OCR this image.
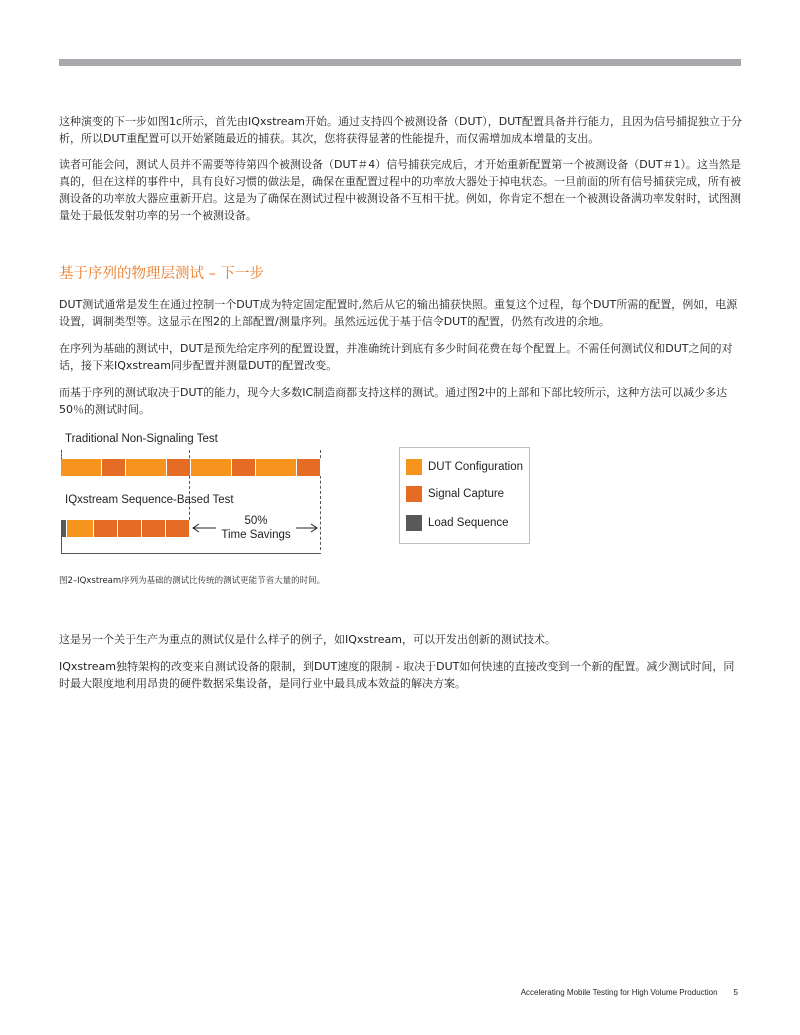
这种演变的下一步如图1c所示，首先由IQxstream开始。通过支持四个被测设备（DUT），DUT配置具备并行能力，且因为信号捕捉独立于分析，所以DUT重配置可以开始紧随最近的捕获。其次，您将获得显著的性能提升，而仅需增加成本增量的支出。

读者可能会问，测试人员并不需要等待第四个被测设备（DUT＃4）信号捕获完成后，才开始重新配置第一个被测设备（DUT＃1）。这当然是真的，但在这样的事件中，具有良好习惯的做法是，确保在重配置过程中的功率放大器处于掉电状态。一旦前面的所有信号捕获完成，所有被测设备的功率放大器应重新开启。这是为了确保在测试过程中被测设备不互相干扰。例如，你肯定不想在一个被测设备满功率发射时，试图测量处于最低发射功率的另一个被测设备。

基于序列的物理层测试 – 下一步

DUT测试通常是发生在通过控制一个DUT成为特定固定配置时,然后从它的输出捕获快照。重复这个过程，每个DUT所需的配置，例如，电源设置，调制类型等。这显示在图2的上部配置/测量序列。虽然远远优于基于信令DUT的配置，仍然有改进的余地。

在序列为基础的测试中，DUT是预先给定序列的配置设置，并准确统计到底有多少时间花费在每个配置上。不需任何测试仪和DUT之间的对话，接下来IQxstream同步配置并测量DUT的配置改变。

而基于序列的测试取决于DUT的能力，现今大多数IC制造商都支持这样的测试。通过图2中的上部和下部比较所示，这种方法可以减少多达50％的测试时间。

Traditional Non-Signaling Test
IQxstream Sequence-Based Test
50%
Time Savings
DUT Configuration
Signal Capture
Load Sequence

图2–IQxstream序列为基础的测试比传统的测试更能节省大量的时间。

这是另一个关于生产为重点的测试仪是什么样子的例子，如IQxstream，可以开发出创新的测试技术。

IQxstream独特架构的改变来自测试设备的限制，到DUT速度的限制 - 取决于DUT如何快速的直接改变到一个新的配置。减少测试时间，同时最大限度地利用昂贵的硬件数据采集设备，是同行业中最具成本效益的解决方案。

Accelerating Mobile Testing for High Volume Production 5
